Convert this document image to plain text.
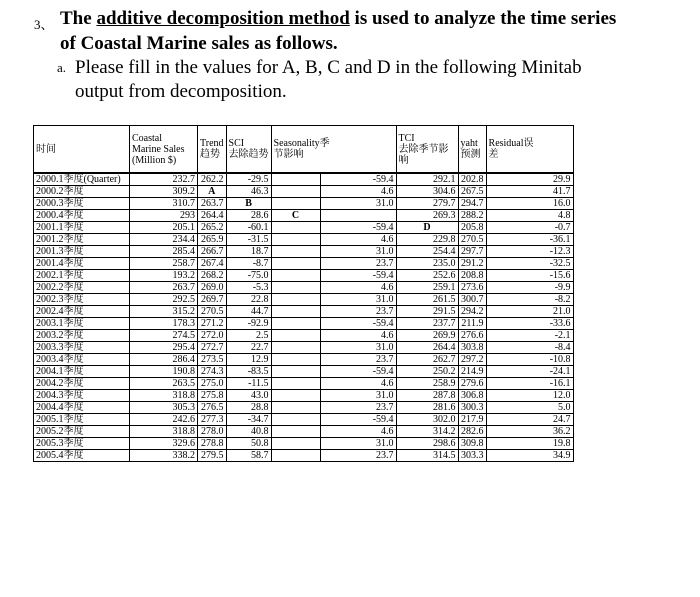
3、 The additive decomposition method is used to analyze the time series
of Coastal Marine sales as follows.
a. Please fill in the values for A, B, C and D in the following Minitab
output from decomposition.
时间	Coastal
Marine Sales
(Million $)	Trend
趋势	SCI
去除趋势	Seasonality季
节影响		TCI
去除季节影
响	yaht
预测	Residual误
差
2000.1季度(Quarter)	232.7	262.2	-29.5		-59.4	292.1	202.8	29.9
2000.2季度	309.2	A	46.3		4.6	304.6	267.5	41.7
2000.3季度	310.7	263.7	B		31.0	279.7	294.7	16.0
2000.4季度	293	264.4	28.6	C		269.3	288.2	4.8
2001.1季度	205.1	265.2	-60.1		-59.4	D	205.8	-0.7
2001.2季度	234.4	265.9	-31.5		4.6	229.8	270.5	-36.1
2001.3季度	285.4	266.7	18.7		31.0	254.4	297.7	-12.3
2001.4季度	258.7	267.4	-8.7		23.7	235.0	291.2	-32.5
2002.1季度	193.2	268.2	-75.0		-59.4	252.6	208.8	-15.6
2002.2季度	263.7	269.0	-5.3		4.6	259.1	273.6	-9.9
2002.3季度	292.5	269.7	22.8		31.0	261.5	300.7	-8.2
2002.4季度	315.2	270.5	44.7		23.7	291.5	294.2	21.0
2003.1季度	178.3	271.2	-92.9		-59.4	237.7	211.9	-33.6
2003.2季度	274.5	272.0	2.5		4.6	269.9	276.6	-2.1
2003.3季度	295.4	272.7	22.7		31.0	264.4	303.8	-8.4
2003.4季度	286.4	273.5	12.9		23.7	262.7	297.2	-10.8
2004.1季度	190.8	274.3	-83.5		-59.4	250.2	214.9	-24.1
2004.2季度	263.5	275.0	-11.5		4.6	258.9	279.6	-16.1
2004.3季度	318.8	275.8	43.0		31.0	287.8	306.8	12.0
2004.4季度	305.3	276.5	28.8		23.7	281.6	300.3	5.0
2005.1季度	242.6	277.3	-34.7		-59.4	302.0	217.9	24.7
2005.2季度	318.8	278.0	40.8		4.6	314.2	282.6	36.2
2005.3季度	329.6	278.8	50.8		31.0	298.6	309.8	19.8
2005.4季度	338.2	279.5	58.7		23.7	314.5	303.3	34.9
